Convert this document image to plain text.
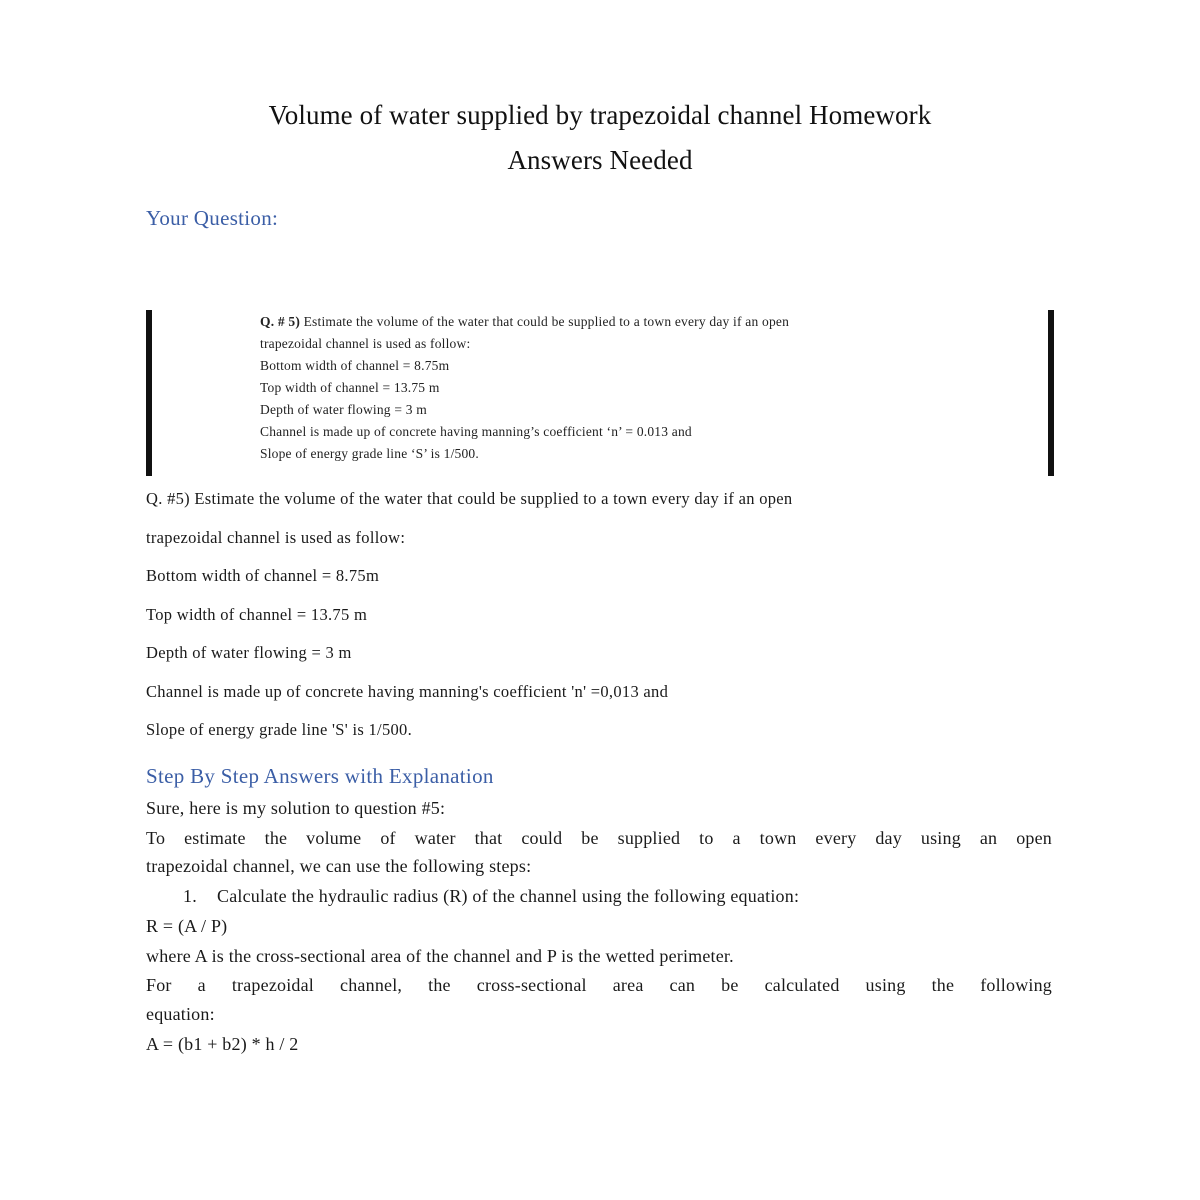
Volume of water supplied by trapezoidal channel Homework
Answers Needed
Your Question:
Q. # 5) Estimate the volume of the water that could be supplied to a town every day if an open
trapezoidal channel is used as follow:
Bottom width of channel = 8.75m
Top width of channel = 13.75 m
Depth of water flowing = 3 m
Channel is made up of concrete having manning’s coefficient ‘n’ = 0.013 and
Slope of energy grade line ‘S’ is 1/500.
Q. #5) Estimate the volume of the water that could be supplied to a town every day if an open
trapezoidal channel is used as follow:
Bottom width of channel = 8.75m
Top width of channel = 13.75 m
Depth of water flowing = 3 m
Channel is made up of concrete having manning's coefficient 'n' =0,013 and
Slope of energy grade line 'S' is 1/500.
Step By Step Answers with Explanation
Sure, here is my solution to question #5:
To estimate the volume of water that could be supplied to a town every day using an open
trapezoidal channel, we can use the following steps:
1. Calculate the hydraulic radius (R) of the channel using the following equation:
R = (A / P)
where A is the cross-sectional area of the channel and P is the wetted perimeter.
For a trapezoidal channel, the cross-sectional area can be calculated using the following
equation:
A = (b1 + b2) * h / 2
